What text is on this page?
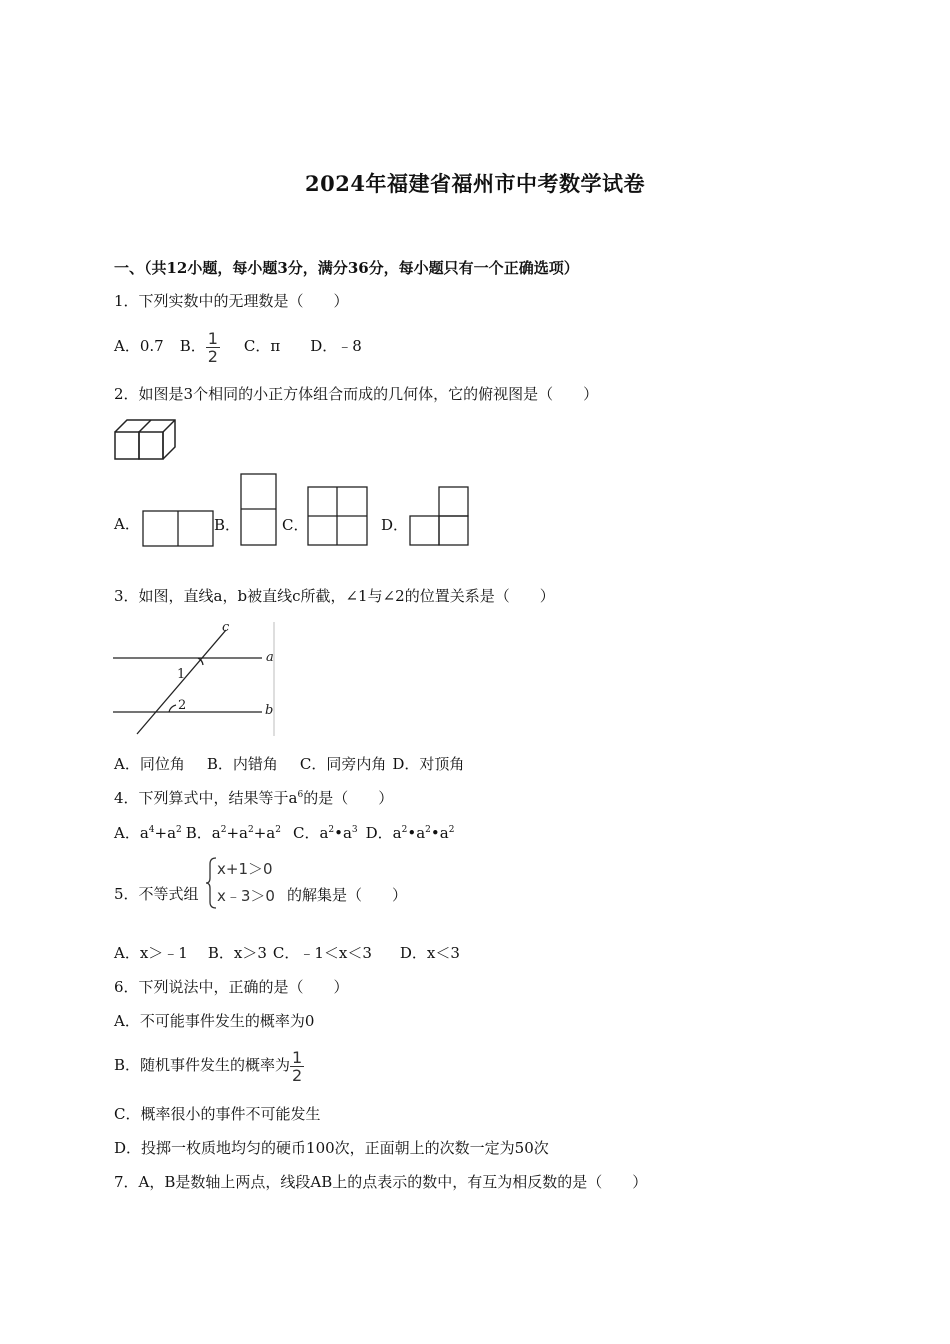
2024年福建省福州市中考数学试卷
一、（共12小题，每小题3分，满分36分，每小题只有一个正确选项）
1．下列实数中的无理数是（　　）
A．0.7 B． $\frac{1}{2}$ C．π D．﹣8
2．如图是3个相同的小正方体组合而成的几何体，它的俯视图是（　　）
A．	B．	C．	D．
3．如图，直线a，b被直线c所截，∠1与∠2的位置关系是（　　）
c
a
b
1
2
A．同位角 B．内错角 C．同旁内角 D．对顶角
4．下列算式中，结果等于$a^6$的是（　　）
A．$a^4+a^2$ B．$a^2+a^2+a^2$ C．$a^2•a^3$ D．$a^2•a^2•a^2$
5．不等式组
x+1＞0
x﹣3＞0 的解集是（　　）
A．x＞﹣1 B．x＞3 C．﹣1＜x＜3 D．x＜3
6．下列说法中，正确的是（　　）
A．不可能事件发生的概率为0
B．随机事件发生的概率为 $\frac{1}{2}$
C．概率很小的事件不可能发生
D．投掷一枚质地均匀的硬币100次，正面朝上的次数一定为50次
7．A，B是数轴上两点，线段AB上的点表示的数中，有互为相反数的是（　　）
